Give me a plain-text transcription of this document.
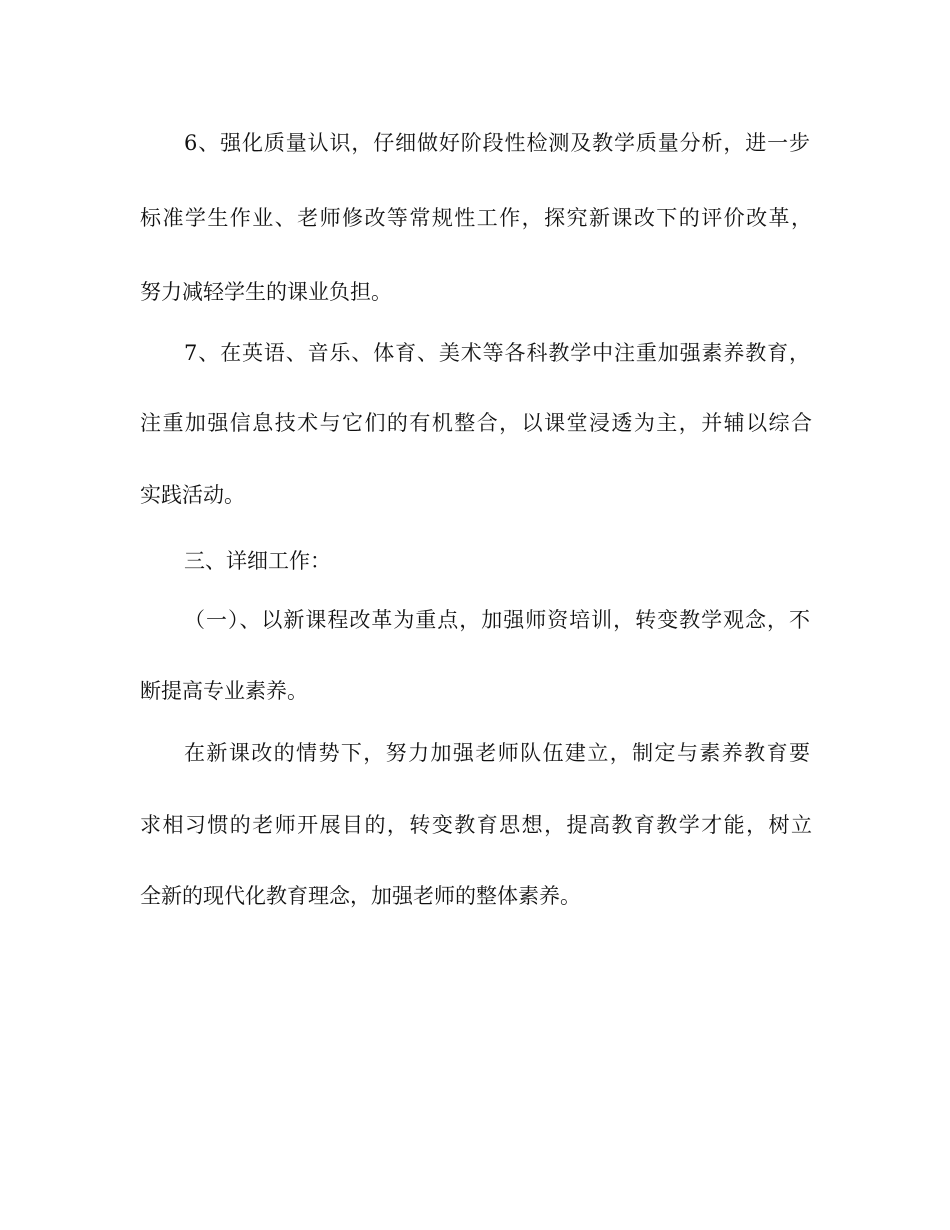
6、强化质量认识，仔细做好阶段性检测及教学质量分析，进一步
标准学生作业、老师修改等常规性工作，探究新课改下的评价改革，
努力减轻学生的课业负担。
7、在英语、音乐、体育、美术等各科教学中注重加强素养教育，
注重加强信息技术与它们的有机整合，以课堂浸透为主，并辅以综合
实践活动。
三、详细工作：
（一）、以新课程改革为重点，加强师资培训，转变教学观念，不
断提高专业素养。
在新课改的情势下，努力加强老师队伍建立，制定与素养教育要
求相习惯的老师开展目的，转变教育思想，提高教育教学才能，树立
全新的现代化教育理念，加强老师的整体素养。
